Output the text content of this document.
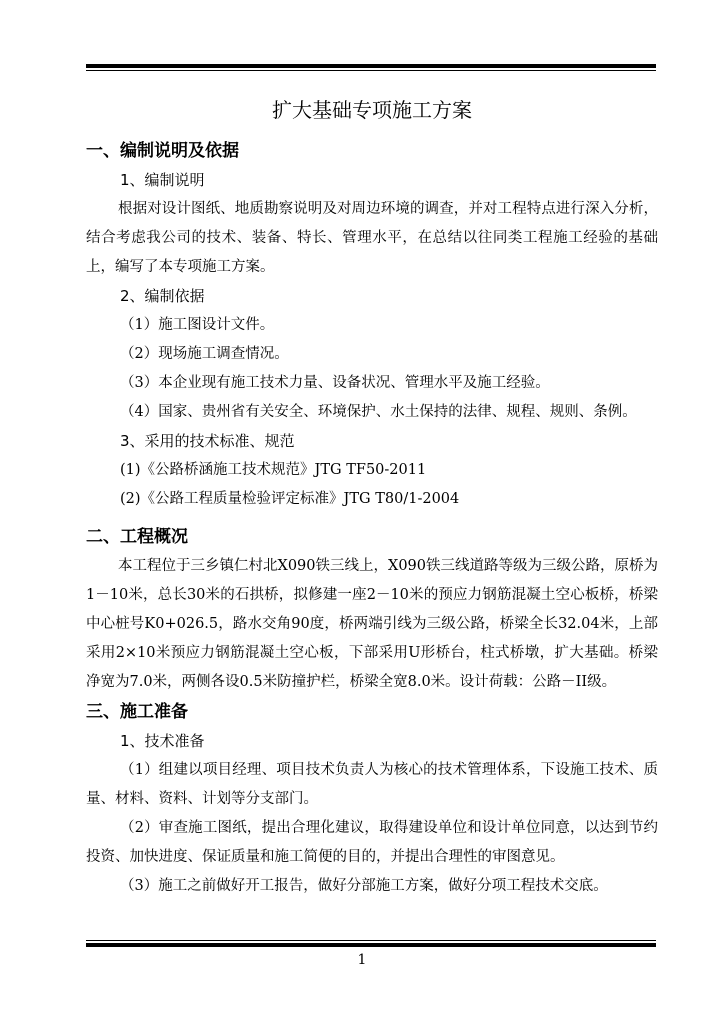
扩大基础专项施工方案
一、编制说明及依据
1、编制说明
根据对设计图纸、地质勘察说明及对周边环境的调查，并对工程特点进行深入分析，结合考虑我公司的技术、装备、特长、管理水平，在总结以往同类工程施工经验的基础上，编写了本专项施工方案。
2、编制依据
（1）施工图设计文件。
（2）现场施工调查情况。
（3）本企业现有施工技术力量、设备状况、管理水平及施工经验。
（4）国家、贵州省有关安全、环境保护、水土保持的法律、规程、规则、条例。
3、采用的技术标准、规范
(1)《公路桥涵施工技术规范》JTG TF50-2011
(2)《公路工程质量检验评定标准》JTG T80/1-2004
二、工程概况
本工程位于三乡镇仁村北X090铁三线上，X090铁三线道路等级为三级公路，原桥为1－10米，总长30米的石拱桥，拟修建一座2－10米的预应力钢筋混凝土空心板桥，桥梁中心桩号K0+026.5，路水交角90度，桥两端引线为三级公路，桥梁全长32.04米，上部采用2×10米预应力钢筋混凝土空心板，下部采用U形桥台，柱式桥墩，扩大基础。桥梁净宽为7.0米，两侧各设0.5米防撞护栏，桥梁全宽8.0米。设计荷载：公路－II级。
三、施工准备
1、技术准备
（1）组建以项目经理、项目技术负责人为核心的技术管理体系，下设施工技术、质量、材料、资料、计划等分支部门。
（2）审查施工图纸，提出合理化建议，取得建设单位和设计单位同意，以达到节约投资、加快进度、保证质量和施工简便的目的，并提出合理性的审图意见。
（3）施工之前做好开工报告，做好分部施工方案，做好分项工程技术交底。
1
